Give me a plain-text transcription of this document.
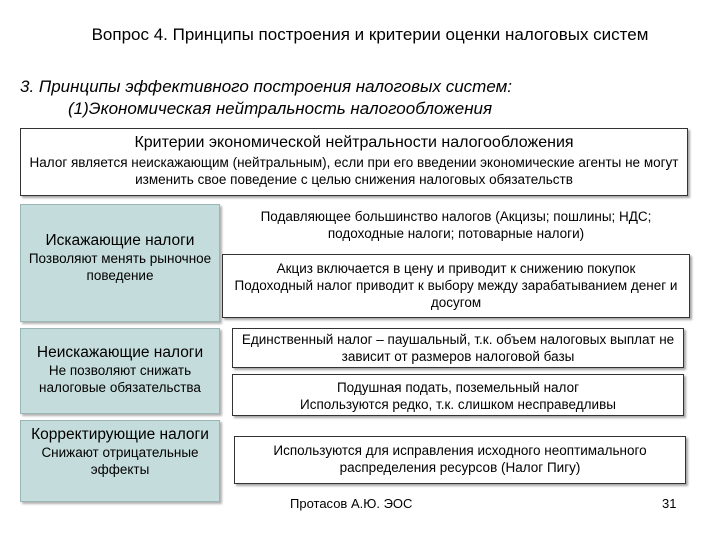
Вопрос 4. Принципы построения и критерии оценки налоговых систем
3. Принципы эффективного построения налоговых систем:
(1)Экономическая нейтральность налогообложения
Критерии экономической нейтральности налогообложения
Налог является неискажающим (нейтральным), если при его введении экономические агенты не могут изменить свое поведение с целью снижения налоговых обязательств
Искажающие налоги
Позволяют менять рыночное поведение
Неискажающие налоги
Не позволяют снижать налоговые обязательства
Корректирующие налоги
Снижают отрицательные эффекты
Подавляющее большинство налогов (Акцизы; пошлины; НДС; подоходные налоги; потоварные налоги)
Акциз включается в цену и приводит к снижению покупок
Подоходный налог приводит к выбору между зарабатыванием денег и досугом
Единственный налог – паушальный, т.к. объем налоговых выплат не зависит от размеров налоговой базы
Подушная подать, поземельный налог
Используются редко, т.к. слишком несправедливы
Используются для исправления исходного неоптимального распределения ресурсов (Налог Пигу)
Протасов А.Ю. ЭОС	31
